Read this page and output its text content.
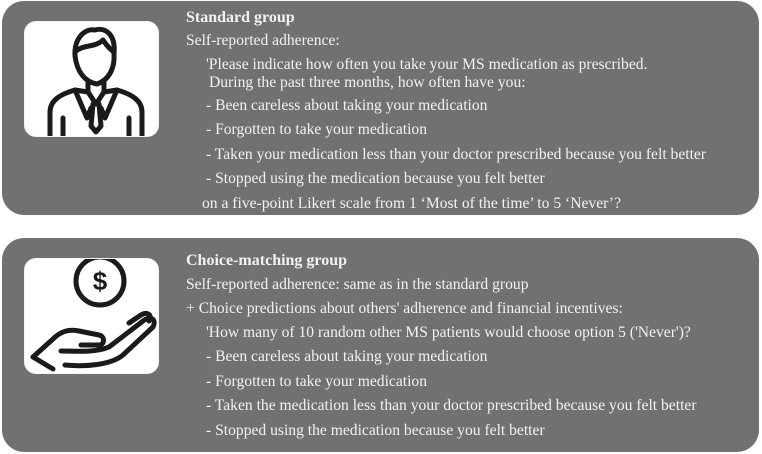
Standard group
Self-reported adherence:
'Please indicate how often you take your MS medication as prescribed.
During the past three months, how often have you:
- Been careless about taking your medication
- Forgotten to take your medication
- Taken your medication less than your doctor prescribed because you felt better
- Stopped using the medication because you felt better
on a five-point Likert scale from 1 ‘Most of the time’ to 5 ‘Never’?
$
Choice-matching group
Self-reported adherence: same as in the standard group
+ Choice predictions about others' adherence and financial incentives:
'How many of 10 random other MS patients would choose option 5 ('Never')?
- Been careless about taking your medication
- Forgotten to take your medication
- Taken the medication less than your doctor prescribed because you felt better
- Stopped using the medication because you felt better
